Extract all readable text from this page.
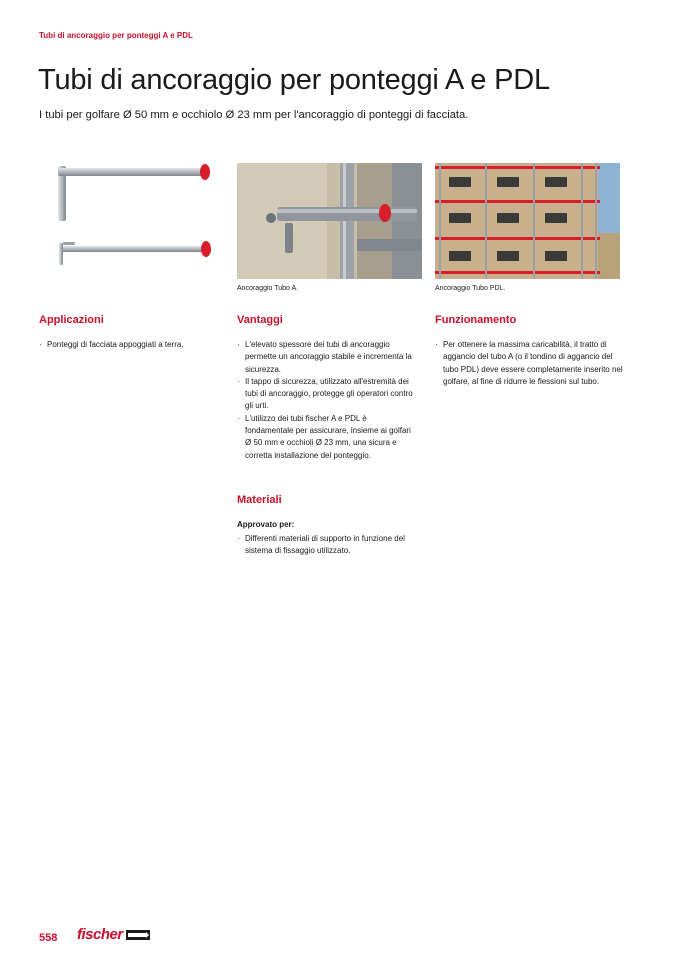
Tubi di ancoraggio per ponteggi A e PDL
Tubi di ancoraggio per ponteggi A e PDL
I tubi per golfare Ø 50 mm e occhiolo Ø 23 mm per l'ancoraggio di ponteggi di facciata.
Ancoraggio Tubo A.	Ancoraggio Tubo PDL.
Applicazioni
· Ponteggi di facciata appoggiati a terra.
Vantaggi
· L'elevato spessore dei tubi di ancoraggio permette un ancoraggio stabile e incrementa la sicurezza.
· Il tappo di sicurezza, utilizzato all'estremità dei tubi di ancoraggio, protegge gli operatori contro gli urti.
· L'utilizzo dei tubi fischer A e PDL è fondamentale per assicurare, insieme ai golfari Ø 50 mm e occhioli Ø 23 mm, una sicura e corretta installazione del ponteggio.
Materiali
Approvato per:
· Differenti materiali di supporto in funzione del sistema di fissaggio utilizzato.
Funzionamento
· Per ottenere la massima caricabilità, il tratto di aggancio del tubo A (o il tondino di aggancio del tubo PDL) deve essere completamente inserito nel golfare, al fine di ridurre le flessioni sul tubo.
558 fischer
